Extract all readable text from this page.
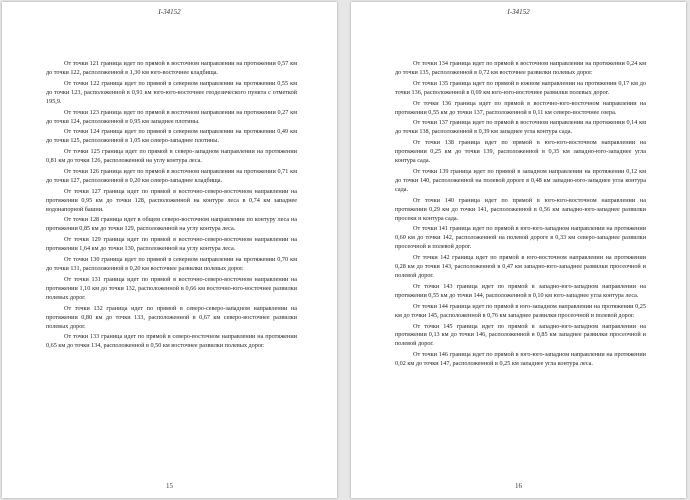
I-34152

От точки 121 граница идет по прямой в восточном направлении на протяжении 0,57 км до точки 122, расположенной в 1,30 км юго-восточнее кладбища.

От точки 122 граница идет по прямой в северном направлении на протяжении 0,55 км до точки 123, расположенной в 0,91 км юго-юго-восточнее геодезического пункта с отметкой 195,9.

От точки 123 граница идет по прямой в восточном направлении на протяжении 0,27 км до точки 124, расположенной в 0,95 км западнее плотины.

От точки 124 граница идет по прямой в северном направлении на протяжении 0,49 км до точки 125, расположенной в 1,05 км северо-западнее плотины.

От точки 125 граница идет по прямой в северо-западном направлении на протяжении 0,81 км до точки 126, расположенной на углу контура леса.

От точки 126 граница идет по прямой в восточном направлении на протяжении 0,71 км до точки 127, расположенной в 0,20 км северо-западнее кладбища.

От точки 127 граница идет по прямой в восточно-северо-восточном направлении на протяжении 0,95 км до точки 128, расположенной на контуре леса в 0,74 км западнее водонапорной башни.

От точки 128 граница идет в общем северо-восточном направлении по контуру леса на протяжении 0,85 км до точки 129, расположенной на углу контура леса.

От точки 129 граница идет по прямой в восточно-северо-восточном направлении на протяжении 1,64 км до точки 130, расположенной на углу контура леса.

От точки 130 граница идет по прямой в северном направлении на протяжении 0,70 км до точки 131, расположенной в 0,20 км восточнее развилки полевых дорог.

От точки 131 граница идет по прямой в восточно-северо-восточном направлении на протяжении 1,10 км до точки 132, расположенной в 0,66 км восточно-юго-восточнее развилки полевых дорог.

От точки 132 граница идет по прямой в северо-северо-западном направлении на протяжении 0,80 км до точки 133, расположенной в 0,67 км северо-восточнее развилки полевых дорог.

От точки 133 граница идет по прямой в северо-восточном направлении на протяжении 0,65 км до точки 134, расположенной в 0,50 км восточнее развилки полевых дорог.

15
I-34152

От точки 134 граница идет по прямой в восточном направлении на протяжении 0,24 км до точки 135, расположенной в 0,72 км восточнее развилки полевых дорог.

От точки 135 граница идет по прямой в южном направлении на протяжении 0,17 км до точки 136, расположенной в 0,69 км юго-юго-восточнее развилки полевых дорог.

От точки 136 граница идет по прямой в восточно-юго-восточном направлении на протяжении 0,55 км до точки 137, расположенной в 0,11 км северо-восточнее озера.

От точки 137 граница идет по прямой в восточном направлении на протяжении 0,14 км до точки 138, расположенной в 0,39 км западнее угла контура сада.

От точки 138 граница идет по прямой в юго-юго-восточном направлении на протяжении 0,25 км до точки 139, расположенной в 0,35 км западно-юго-западнее угла контура сада.

От точки 139 граница идет по прямой в западном направлении на протяжении 0,12 км до точки 140, расположенной на полевой дороге в 0,48 км западно-юго-западнее угла контура сада.

От точки 140 граница идет по прямой в юго-юго-восточном направлении на протяжении 0,29 км до точки 141, расположенной в 0,56 км западно-юго-западнее развилки просеки и контура сада.

От точки 141 граница идет по прямой в юго-юго-западном направлении на протяжении 0,60 км до точки 142, расположенной на полевой дороге в 0,33 км северо-западнее развилки просеочной и полевой дорог.

От точки 142 граница идет по прямой в юго-восточном направлении на протяжении 0,28 км до точки 143, расположенной в 0,47 км западно-юго-западнее развилки просеочной и полевой дорог.

От точки 143 граница идет по прямой в западно-юго-западном направлении на протяжении 0,55 км до точки 144, расположенной в 0,10 км юго-западнее угла контура леса.

От точки 144 граница идет по прямой в юго-западном направлении на протяжении 0,25 км до точки 145, расположенной в 0,76 км западнее развилки просеочной и полевой дорог.

От точки 145 граница идет по прямой в западно-юго-западном направлении на протяжении 0,13 км до точки 146, расположенной в 0,85 км западнее развилки просеочной и полевой дорог.

От точки 146 граница идет по прямой в юго-юго-западном направлении на протяжении 0,02 км до точки 147, расположенной в 0,25 км западнее угла контура леса.

16
